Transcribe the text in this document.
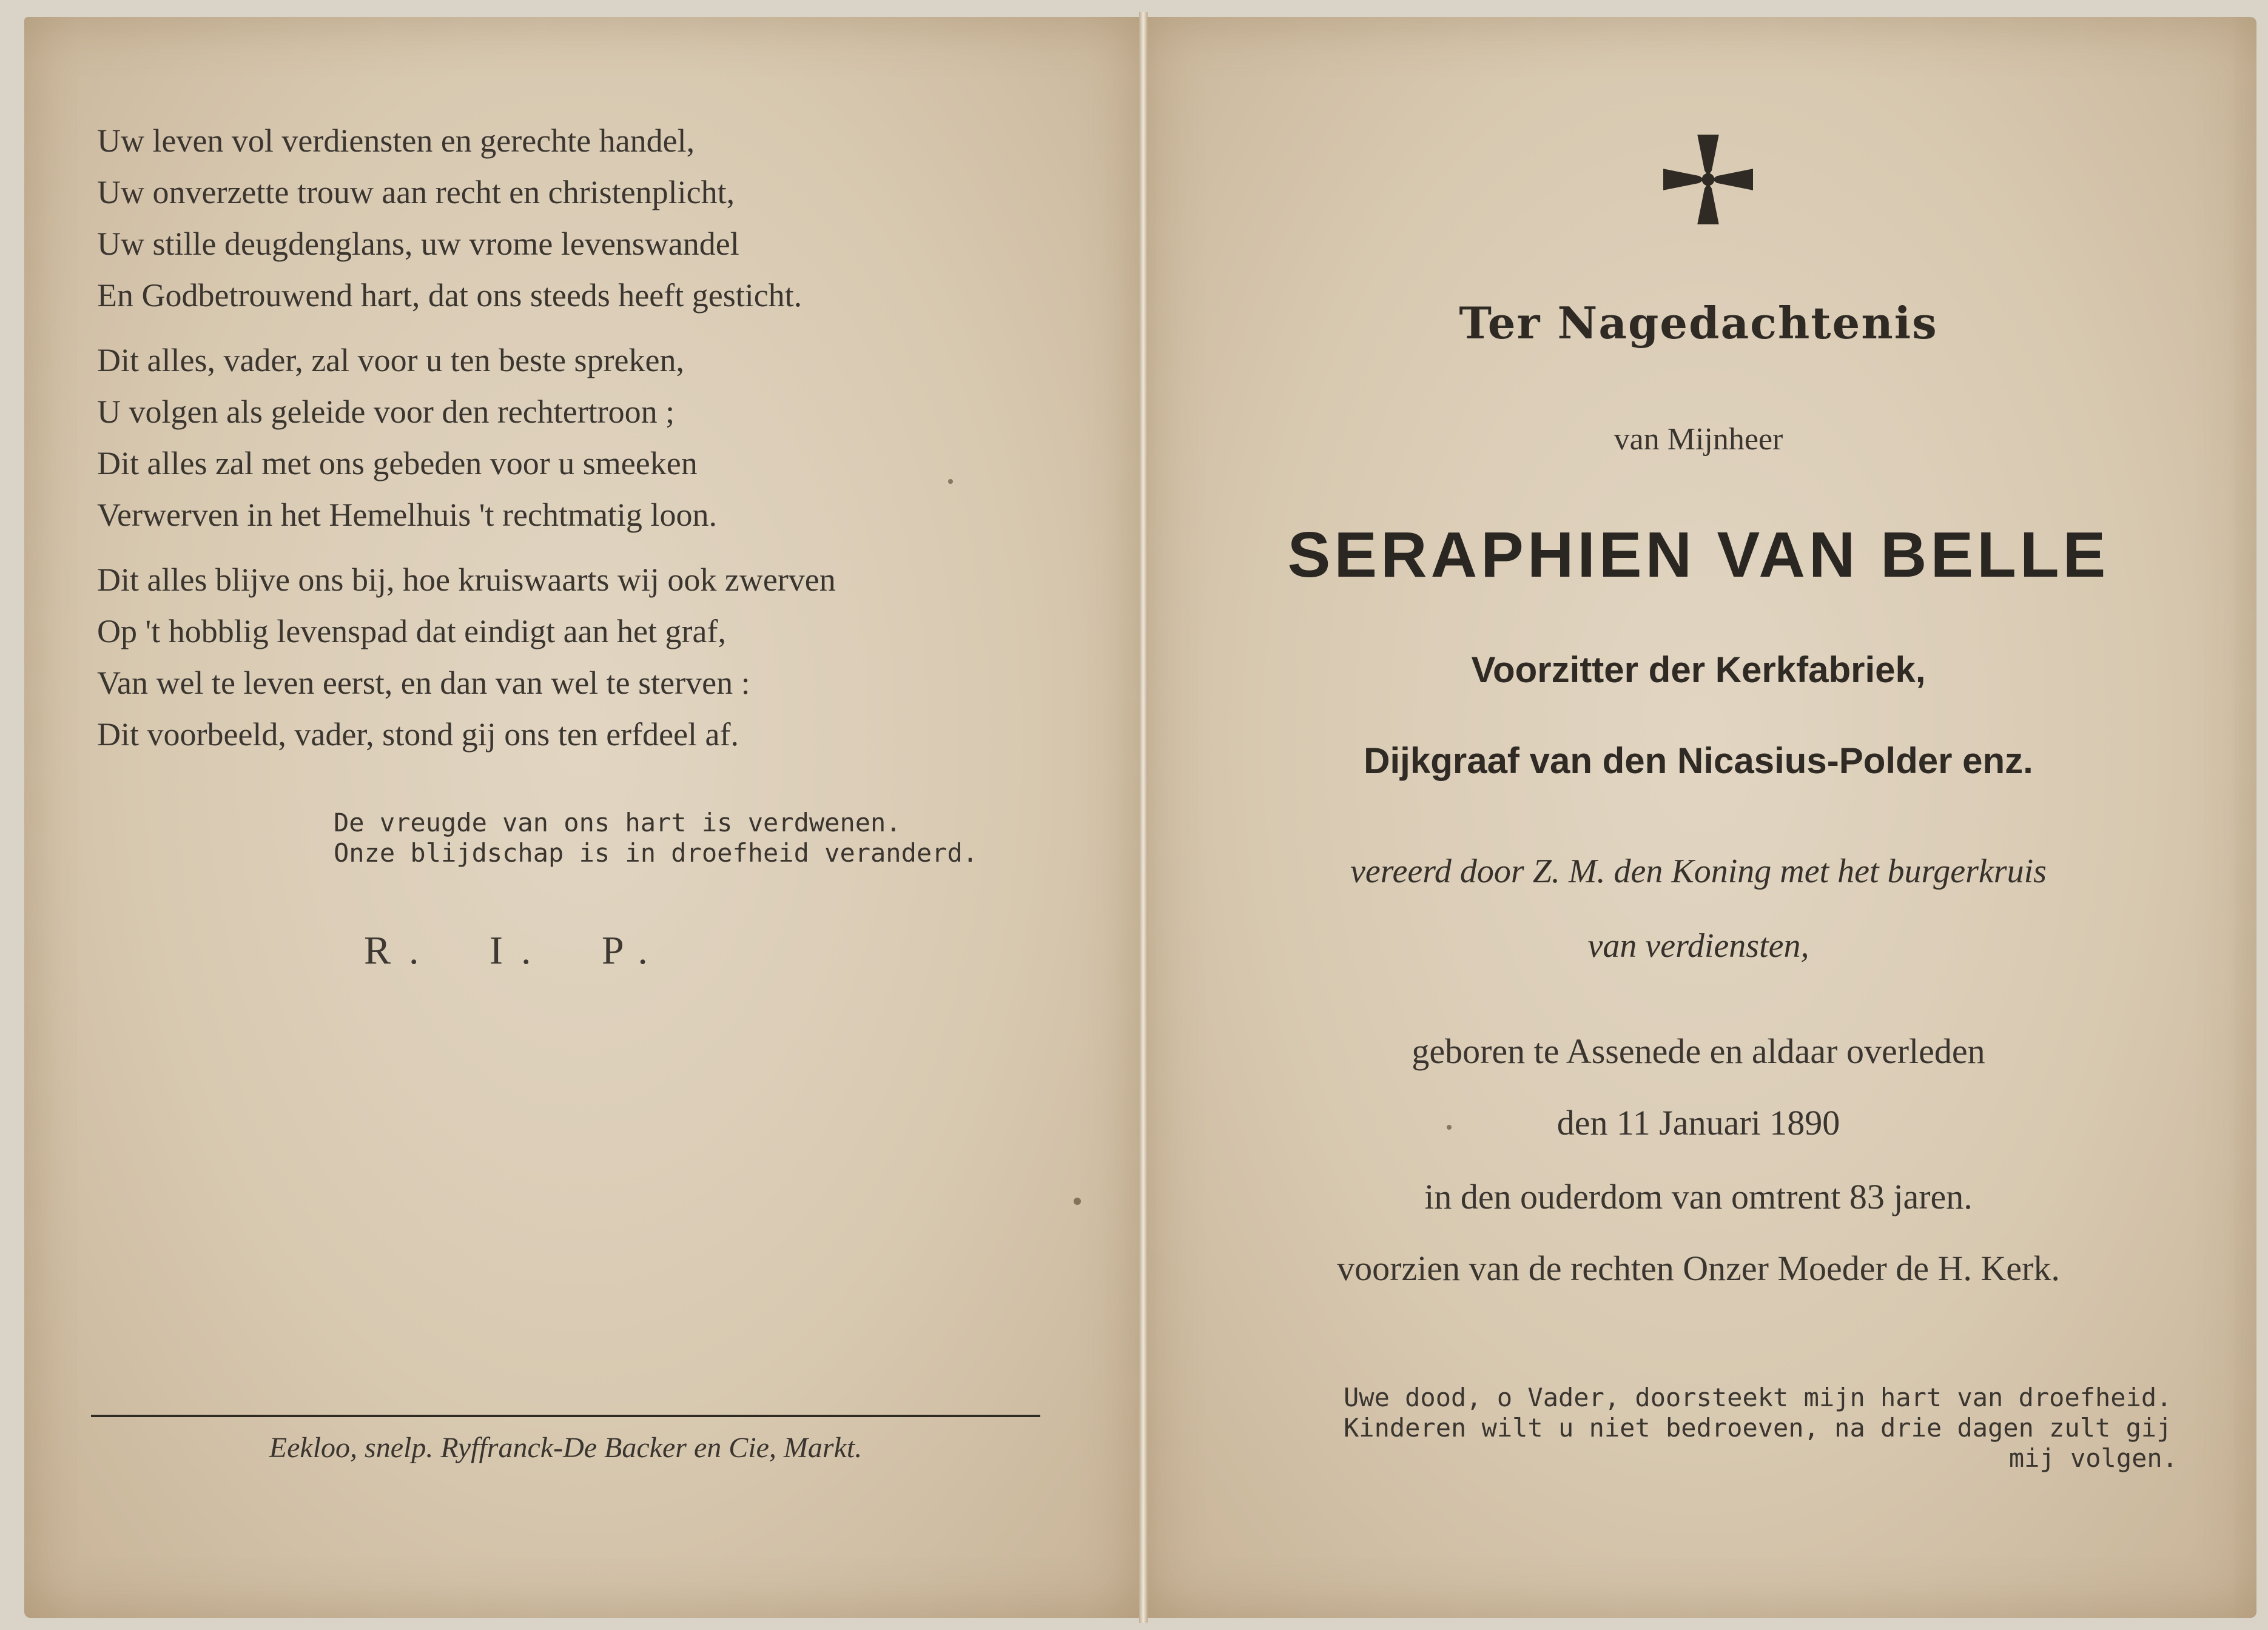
Uw leven vol verdiensten en gerechte handel,
Uw onverzette trouw aan recht en christenplicht,
Uw stille deugdenglans, uw vrome levenswandel
En Godbetrouwend hart, dat ons steeds heeft gesticht.
Dit alles, vader, zal voor u ten beste spreken,
U volgen als geleide voor den rechtertroon ;
Dit alles zal met ons gebeden voor u smeeken
Verwerven in het Hemelhuis 't rechtmatig loon.
Dit alles blijve ons bij, hoe kruiswaarts wij ook zwerven
Op 't hobblig levenspad dat eindigt aan het graf,
Van wel te leven eerst, en dan van wel te sterven :
Dit voorbeeld, vader, stond gij ons ten erfdeel af.
De vreugde van ons hart is verdwenen.
Onze blijdschap is in droefheid veranderd.
R. I. P.
Eekloo, snelp. Ryffranck-De Backer en Cie, Markt.
Ter Nagedachtenis
van Mijnheer
SERAPHIEN VAN BELLE
Voorzitter der Kerkfabriek,
Dijkgraaf van den Nicasius-Polder enz.
vereerd door Z. M. den Koning met het burgerkruis
van verdiensten,
geboren te Assenede en aldaar overleden
den 11 Januari 1890
in den ouderdom van omtrent 83 jaren.
voorzien van de rechten Onzer Moeder de H. Kerk.
Uwe dood, o Vader, doorsteekt mijn hart van droefheid.
Kinderen wilt u niet bedroeven, na drie dagen zult gij
mij volgen.
